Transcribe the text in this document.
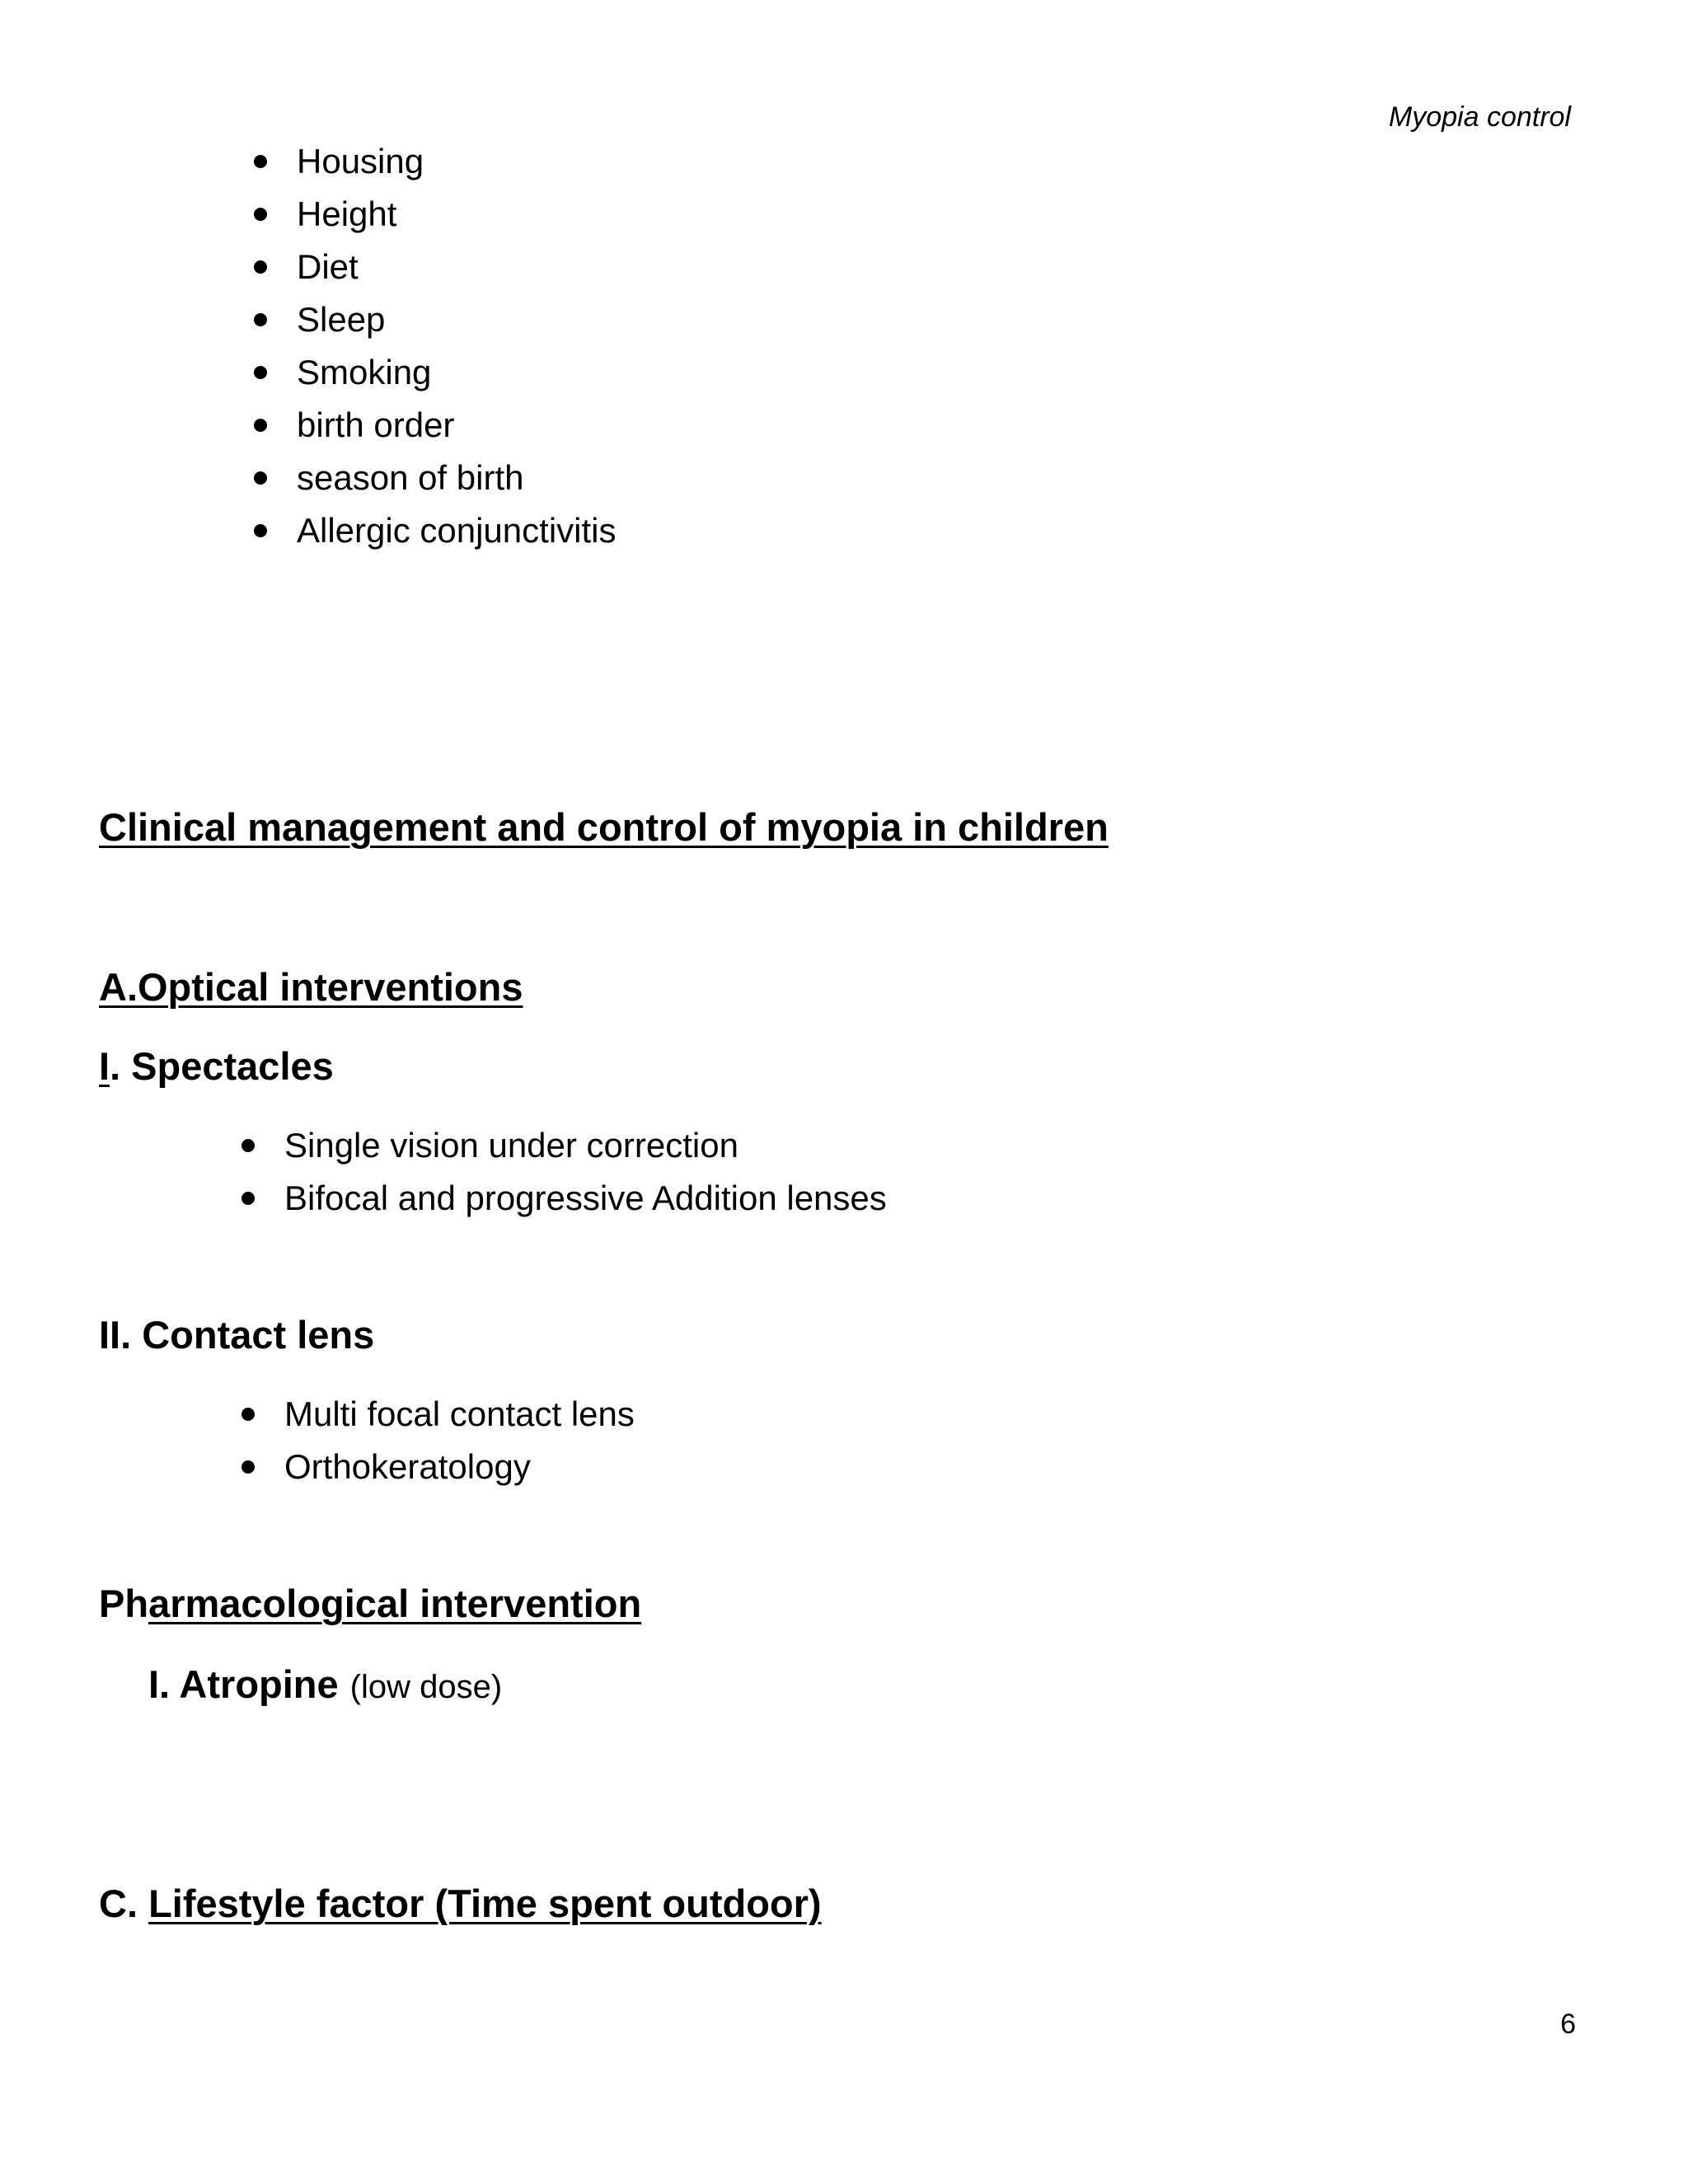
Myopia control
Housing
Height
Diet
Sleep
Smoking
birth order
season of birth
Allergic conjunctivitis
Clinical management and control of myopia in children
A.Optical interventions
I. Spectacles
Single vision under correction
Bifocal and progressive Addition lenses
II. Contact lens
Multi focal contact lens
Orthokeratology
Pharmacological intervention
I. Atropine (low dose)
C. Lifestyle factor (Time spent outdoor)
6
